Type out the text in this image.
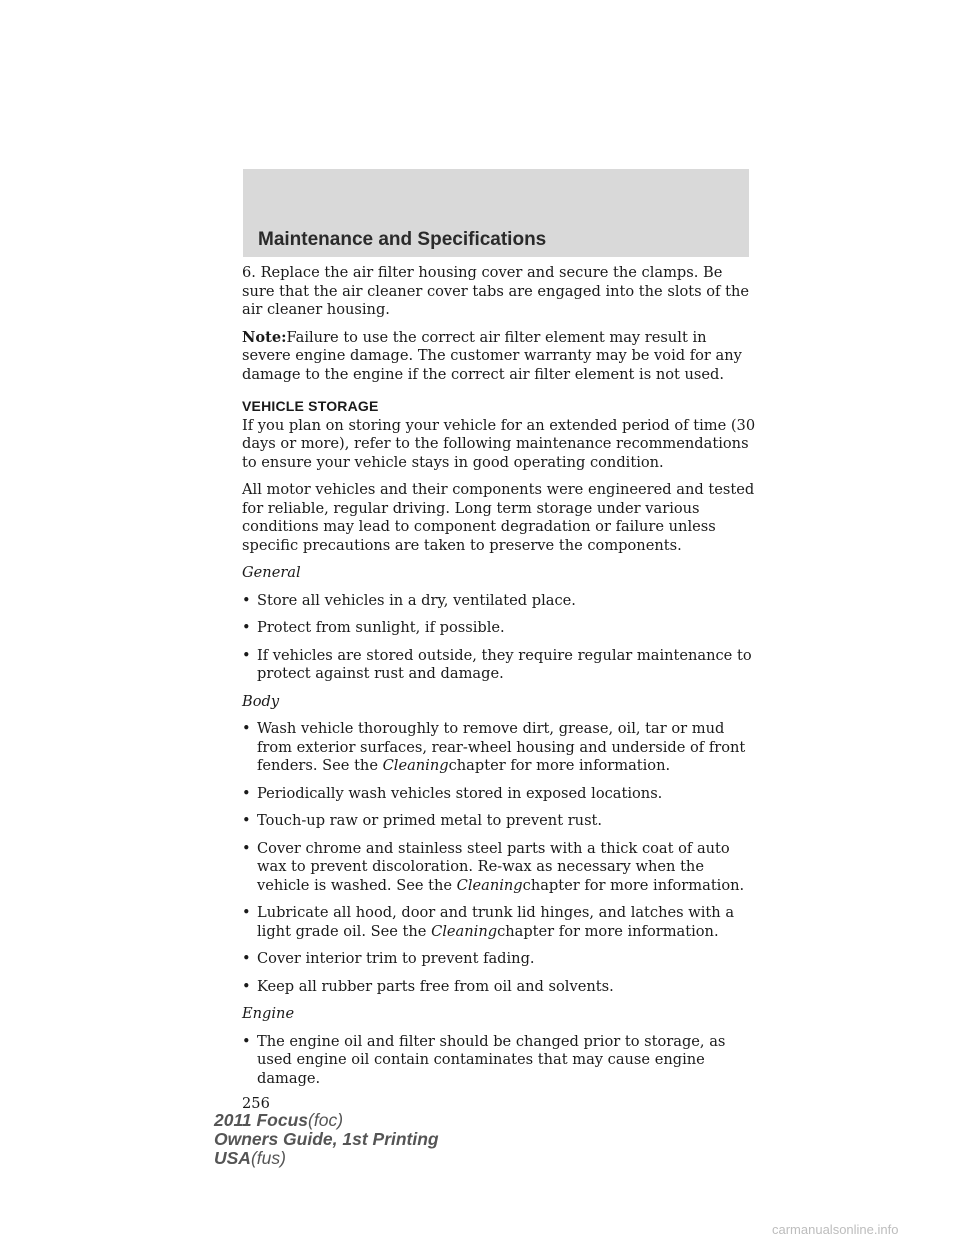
Maintenance and Specifications

6. Replace the air filter housing cover and secure the clamps. Be sure that the air cleaner cover tabs are engaged into the slots of the air cleaner housing.

Note:Failure to use the correct air filter element may result in severe engine damage. The customer warranty may be void for any damage to the engine if the correct air filter element is not used.

VEHICLE STORAGE

If you plan on storing your vehicle for an extended period of time (30 days or more), refer to the following maintenance recommendations to ensure your vehicle stays in good operating condition.

All motor vehicles and their components were engineered and tested for reliable, regular driving. Long term storage under various conditions may lead to component degradation or failure unless specific precautions are taken to preserve the components.

General

• Store all vehicles in a dry, ventilated place.
• Protect from sunlight, if possible.
• If vehicles are stored outside, they require regular maintenance to protect against rust and damage.

Body

• Wash vehicle thoroughly to remove dirt, grease, oil, tar or mud from exterior surfaces, rear-wheel housing and underside of front fenders. See the Cleaningchapter for more information.
• Periodically wash vehicles stored in exposed locations.
• Touch-up raw or primed metal to prevent rust.
• Cover chrome and stainless steel parts with a thick coat of auto wax to prevent discoloration. Re-wax as necessary when the vehicle is washed. See the Cleaningchapter for more information.
• Lubricate all hood, door and trunk lid hinges, and latches with a light grade oil. See the Cleaningchapter for more information.
• Cover interior trim to prevent fading.
• Keep all rubber parts free from oil and solvents.

Engine

• The engine oil and filter should be changed prior to storage, as used engine oil contain contaminates that may cause engine damage.

256

2011 Focus(foc)
Owners Guide, 1st Printing
USA(fus)
carmanualsonline.info
